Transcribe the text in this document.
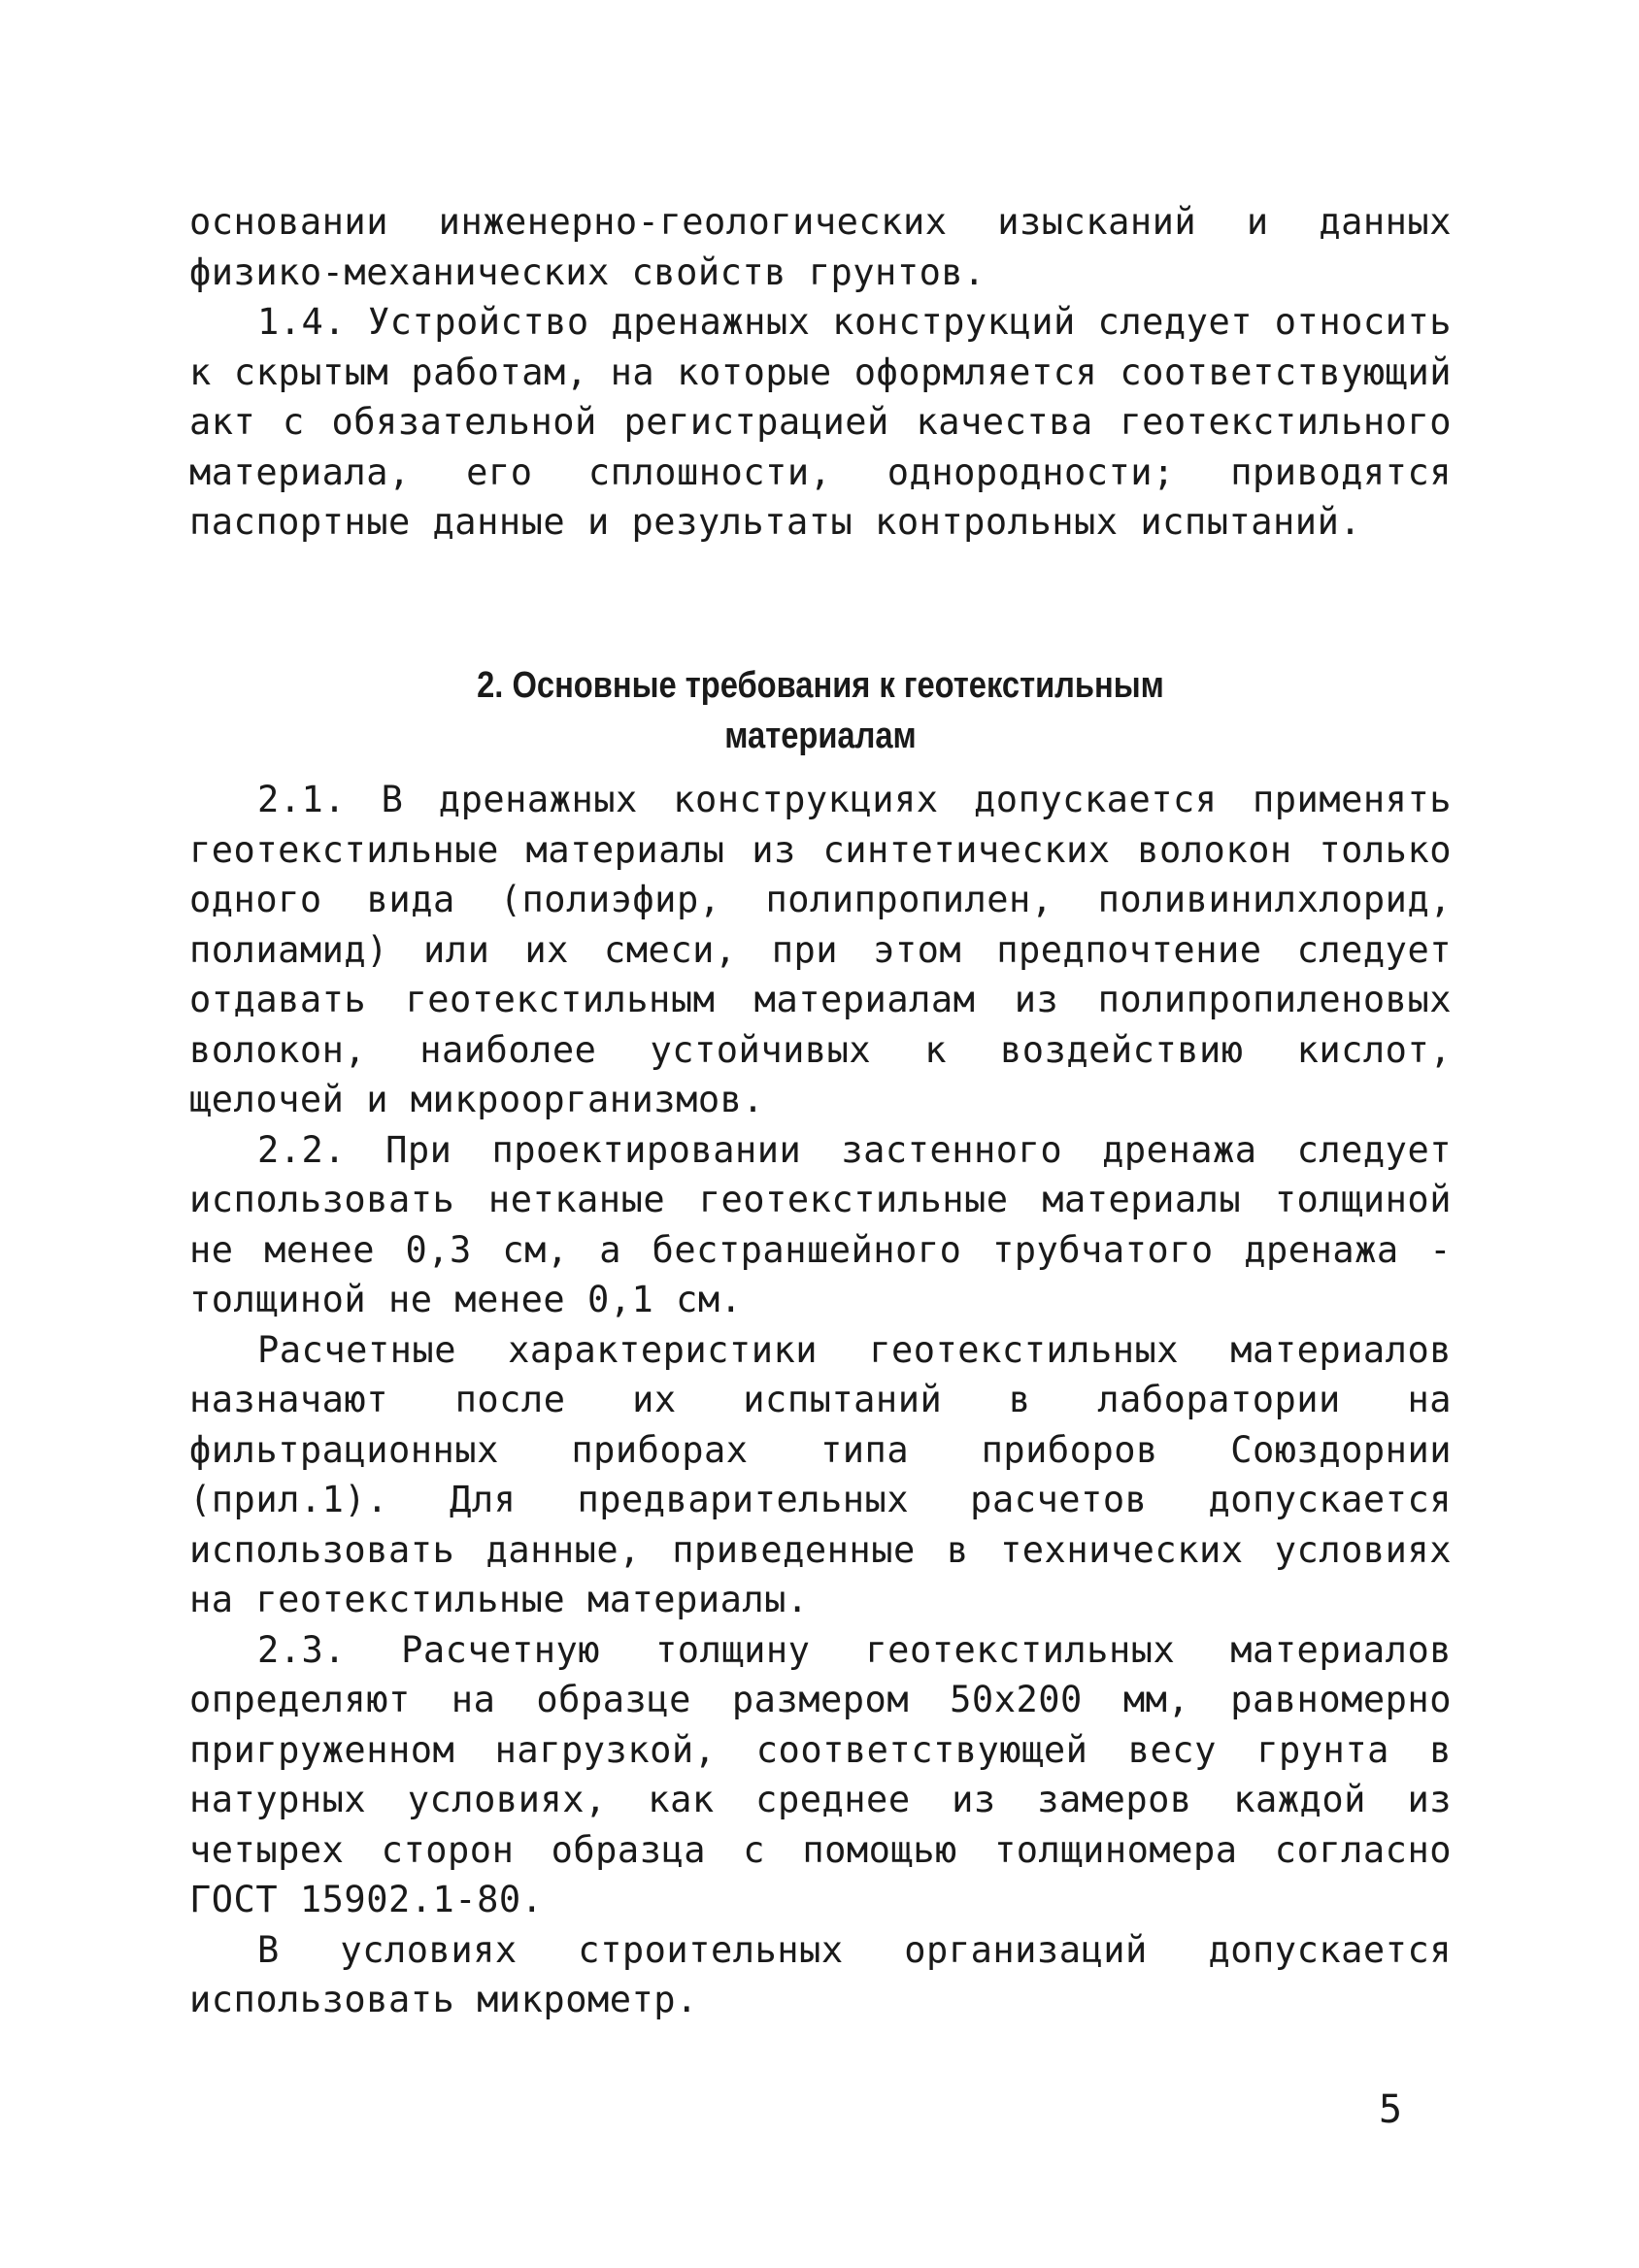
основании инженерно-геологических изысканий и данных физико-механических свойств грунтов.

1.4. Устройство дренажных конструкций следует относить к скрытым работам, на которые оформляется соответствующий акт с обязательной регистрацией качества геотекстильного материала, его сплошности, однородности; приводятся паспортные данные и результаты контрольных испытаний.

2. Основные требования к геотекстильным
материалам

2.1. В дренажных конструкциях допускается применять геотекстильные материалы из синтетических волокон только одного вида (полиэфир, полипропилен, поливинилхлорид, полиамид) или их смеси, при этом предпочтение следует отдавать геотекстильным материалам из полипропиленовых волокон, наиболее устойчивых к воздействию кислот, щелочей и микроорганизмов.

2.2. При проектировании застенного дренажа следует использовать нетканые геотекстильные материалы толщиной не менее 0,3 см, а бестраншейного трубчатого дренажа - толщиной не менее 0,1 см.

Расчетные характеристики геотекстильных материалов назначают после их испытаний в лаборатории на фильтрационных приборах типа приборов Союздорнии (прил.1). Для предварительных расчетов допускается использовать данные, приведенные в технических условиях на геотекстильные материалы.

2.3. Расчетную толщину геотекстильных материалов определяют на образце размером 50х200 мм, равномерно пригруженном нагрузкой, соответствующей весу грунта в натурных условиях, как среднее из замеров каждой из четырех сторон образца с помощью толщиномера согласно ГОСТ 15902.1-80.

В условиях строительных организаций допускается использовать микрометр.

5
